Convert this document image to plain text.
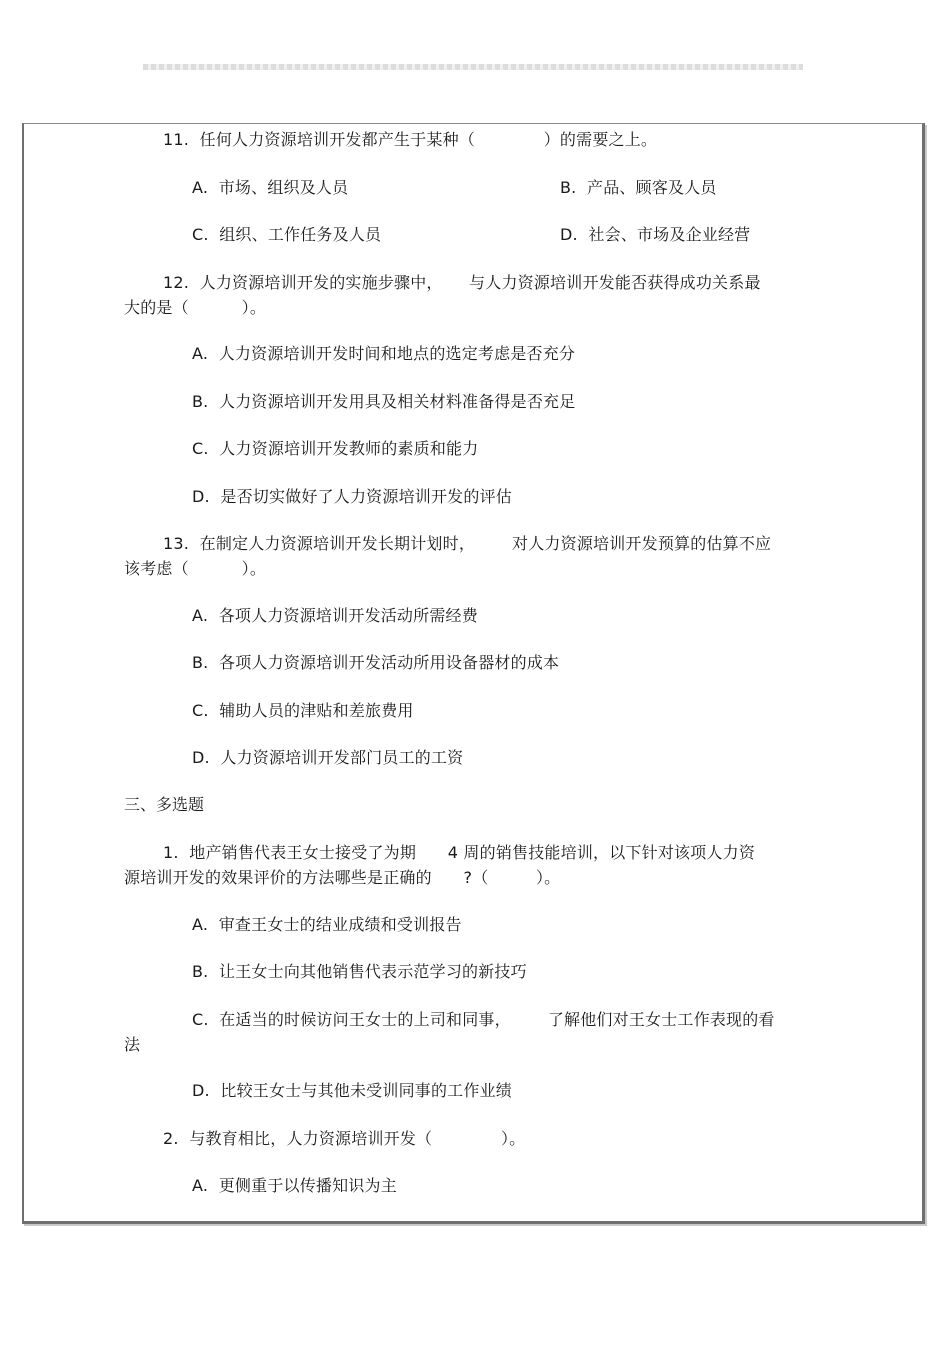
11.  任何人力资源培训开发都产生于某种（             ）的需要之上。
A.  市场、组织及人员	B.  产品、顾客及人员
C.  组织、工作任务及人员	D.  社会、市场及企业经营
12.  人力资源培训开发的实施步骤中，     与人力资源培训开发能否获得成功关系最
大的是（          ）。
A.  人力资源培训开发时间和地点的选定考虑是否充分
B.  人力资源培训开发用具及相关材料准备得是否充足
C.  人力资源培训开发教师的素质和能力
D.  是否切实做好了人力资源培训开发的评估
13.  在制定人力资源培训开发长期计划时，       对人力资源培训开发预算的估算不应
该考虑（          ）。
A.  各项人力资源培训开发活动所需经费
B.  各项人力资源培训开发活动所用设备器材的成本
C.  辅助人员的津贴和差旅费用
D.  人力资源培训开发部门员工的工资
三、多选题
1.  地产销售代表王女士接受了为期      4 周的销售技能培训，以下针对该项人力资
源培训开发的效果评价的方法哪些是正确的      ?（         ）。
A.  审查王女士的结业成绩和受训报告
B.  让王女士向其他销售代表示范学习的新技巧
C.  在适当的时候访问王女士的上司和同事，       了解他们对王女士工作表现的看
法
D.  比较王女士与其他未受训同事的工作业绩
2.  与教育相比，人力资源培训开发（             ）。
A.  更侧重于以传播知识为主
